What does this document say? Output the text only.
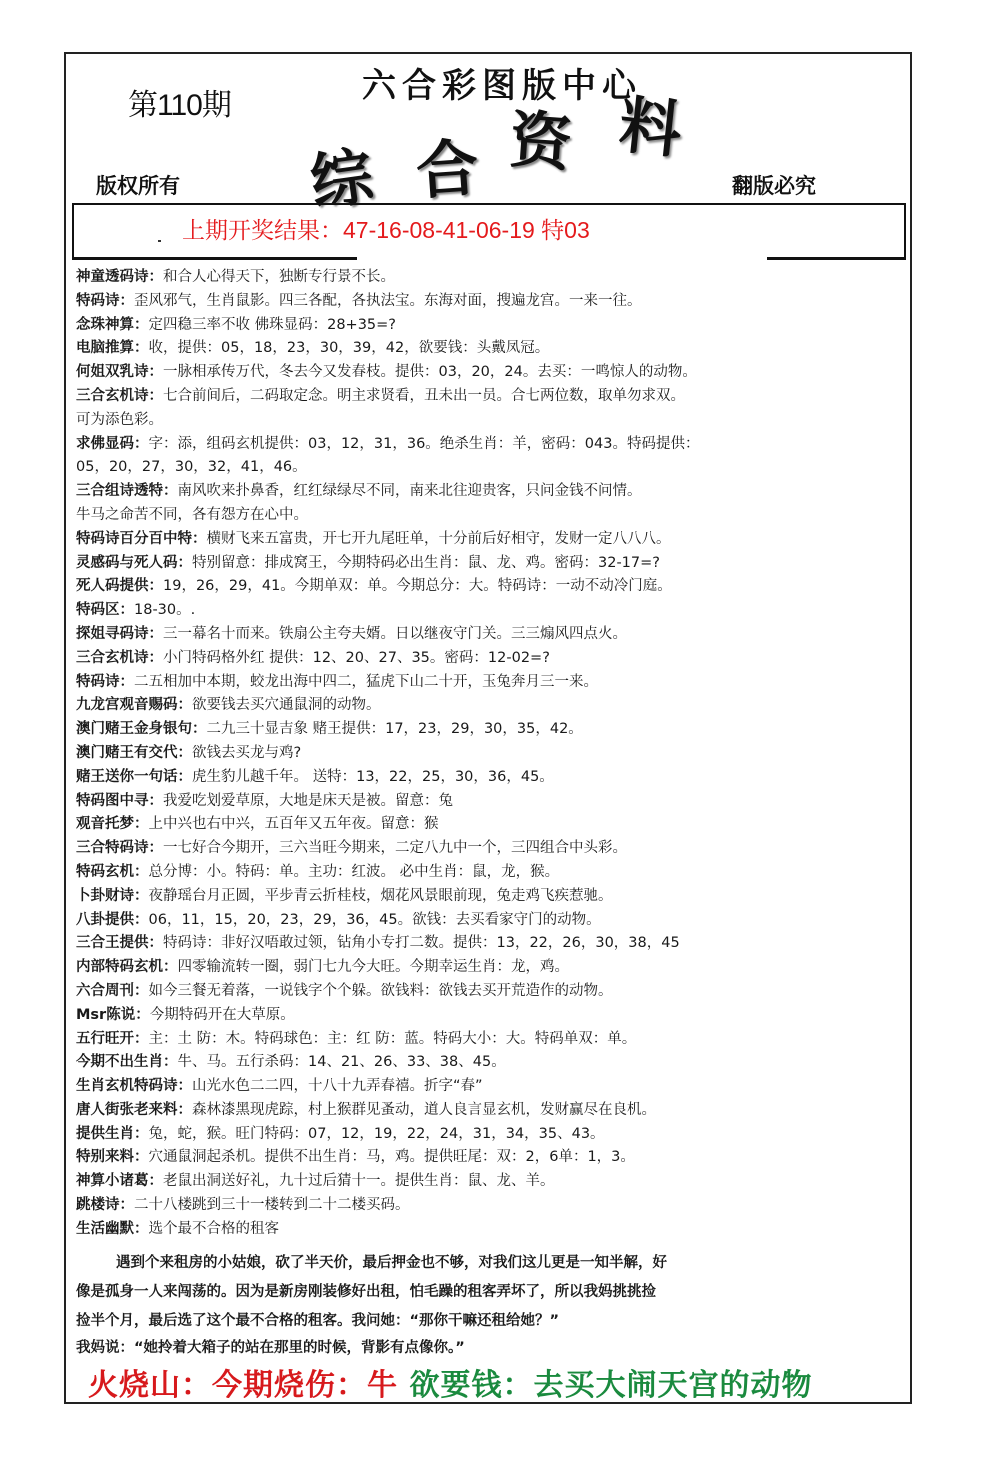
第110期	六合彩图版中心
综 合 资 料
版权所有	翻版必究
上期开奖结果：47-16-08-41-06-19 特03
神童透码诗：和合人心得天下，独断专行景不长。
特码诗：歪风邪气，生肖鼠影。四三各配，各执法宝。东海对面，搜遍龙宫。一来一往。
念珠神算：定四稳三率不收 佛珠显码：28+35=?
电脑推算：收，提供：05，18，23，30，39，42，欲要钱：头戴凤冠。
何姐双乳诗：一脉相承传万代，冬去今又发春枝。提供：03，20，24。去买：一鸣惊人的动物。
三合玄机诗：七合前间后，二码取定念。明主求贤看，丑未出一员。合七两位数，取单勿求双。
可为添色彩。
求佛显码：字：添，组码玄机提供：03，12，31，36。绝杀生肖：羊，密码：043。特码提供：
05，20，27，30，32，41，46。
三合组诗透特：南风吹来扑鼻香，红红绿绿尽不同，南来北往迎贵客，只问金钱不问情。
牛马之命苦不同，各有怨方在心中。
特码诗百分百中特：横财飞来五富贵，开七开九尾旺单，十分前后好相守，发财一定八八八。
灵感码与死人码：特别留意：排成窝王，今期特码必出生肖：鼠、龙、鸡。密码：32-17=?
死人码提供：19，26，29，41。今期单双：单。今期总分：大。特码诗：一动不动冷门庭。
特码区：18-30。.
探姐寻码诗：三一幕名十而来。铁扇公主夸夫婿。日以继夜守门关。三三煽风四点火。
三合玄机诗：小门特码格外红 提供：12、20、27、35。密码：12-02=?
特码诗：二五相加中本期，蛟龙出海中四二，猛虎下山二十开，玉兔奔月三一来。
九龙宫观音赐码：欲要钱去买穴通鼠洞的动物。
澳门赌王金身银句：二九三十显吉象 赌王提供：17，23，29，30，35，42。
澳门赌王有交代：欲钱去买龙与鸡?
赌王送你一句话：虎生豹儿越千年。 送特：13，22，25，30，36，45。
特码图中寻：我爱吃划爱草原，大地是床天是被。留意：兔
观音托梦：上中兴也右中兴，五百年又五年夜。留意：猴
三合特码诗：一七好合今期开，三六当旺今期来，二定八九中一个，三四组合中头彩。
特码玄机：总分博：小。特码：单。主功：红波。 必中生肖：鼠，龙，猴。
卜卦财诗：夜静瑶台月正圆，平步青云折桂枝，烟花风景眼前现，兔走鸡飞疾惹驰。
八卦提供：06，11，15，20，23，29，36，45。欲钱：去买看家守门的动物。
三合王提供：特码诗：非好汉唔敢过领，钻角小专打二数。提供：13，22，26，30，38，45
内部特码玄机：四零输流转一圈，弱门七九今大旺。今期幸运生肖：龙，鸡。
六合周刊：如今三餐无着落，一说钱字个个躲。欲钱料：欲钱去买开荒造作的动物。
Msr陈说：今期特码开在大草原。
五行旺开：主：土 防：木。特码球色：主：红 防：蓝。特码大小：大。特码单双：单。
今期不出生肖：牛、马。五行杀码：14、21、26、33、38、45。
生肖玄机特码诗：山光水色二二四，十八十九弄春禧。折字“春”
唐人街张老来料：森林漆黑现虎踪，村上猴群见蚤动，道人良言显玄机，发财赢尽在良机。
提供生肖：兔，蛇，猴。旺门特码：07，12，19，22，24，31，34，35、43。
特别来料：穴通鼠洞起杀机。提供不出生肖：马，鸡。提供旺尾：双：2，6单：1，3。
神算小诸葛：老鼠出洞送好礼，九十过后猜十一。提供生肖：鼠、龙、羊。
跳楼诗：二十八楼跳到三十一楼转到二十二楼买码。
生活幽默：选个最不合格的租客
遇到个来租房的小姑娘，砍了半天价，最后押金也不够，对我们这儿更是一知半解，好
像是孤身一人来闯荡的。因为是新房刚装修好出租，怕毛躁的租客弄坏了，所以我妈挑挑捡
捡半个月，最后选了这个最不合格的租客。我问她：“那你干嘛还租给她？”
我妈说：“她拎着大箱子的站在那里的时候，背影有点像你。”
火烧山：今期烧伤：牛 欲要钱：去买大闹天宫的动物
